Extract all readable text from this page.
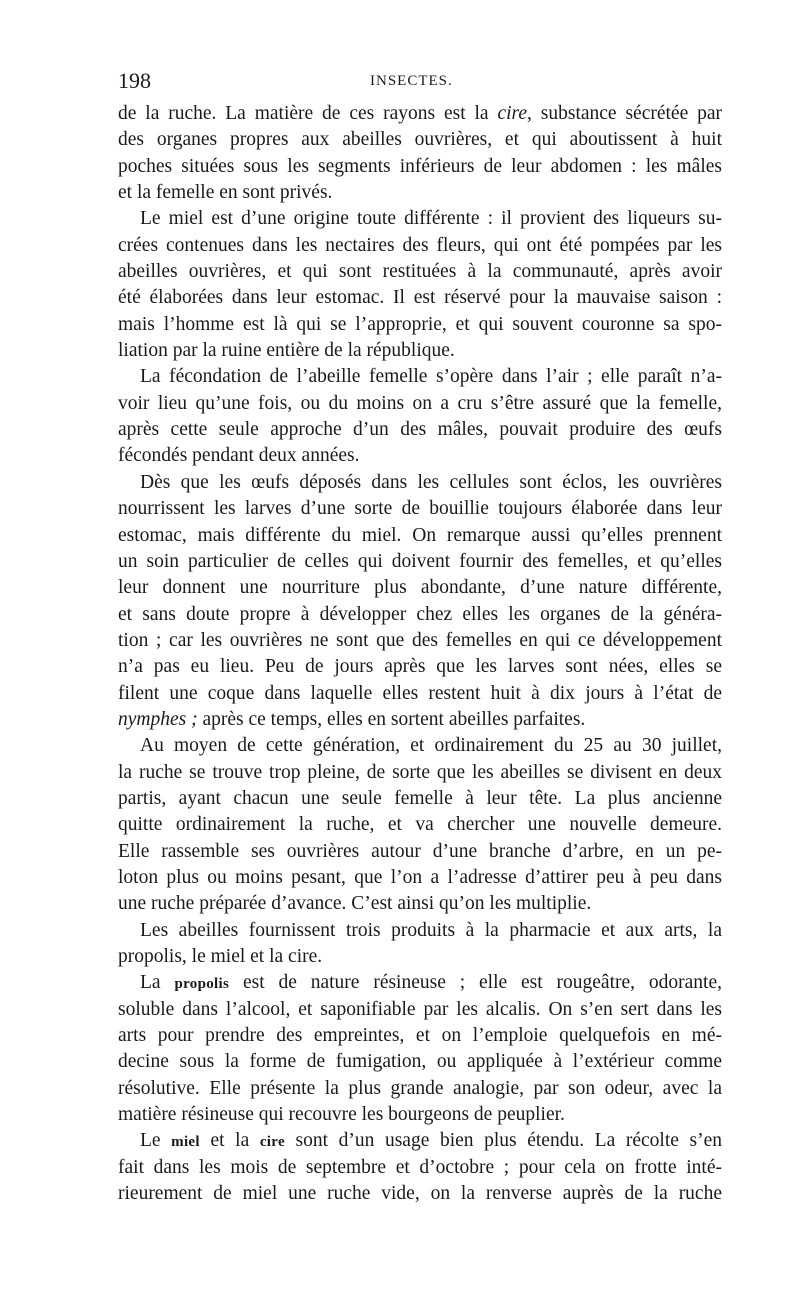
198	INSECTES.
de la ruche. La matière de ces rayons est la cire, substance sécrétée par
des organes propres aux abeilles ouvrières, et qui aboutissent à huit
poches situées sous les segments inférieurs de leur abdomen : les mâles
et la femelle en sont privés.
Le miel est d’une origine toute différente : il provient des liqueurs su-
crées contenues dans les nectaires des fleurs, qui ont été pompées par les
abeilles ouvrières, et qui sont restituées à la communauté, après avoir
été élaborées dans leur estomac. Il est réservé pour la mauvaise saison :
mais l’homme est là qui se l’approprie, et qui souvent couronne sa spo-
liation par la ruine entière de la république.
La fécondation de l’abeille femelle s’opère dans l’air ; elle paraît n’a-
voir lieu qu’une fois, ou du moins on a cru s’être assuré que la femelle,
après cette seule approche d’un des mâles, pouvait produire des œufs
fécondés pendant deux années.
Dès que les œufs déposés dans les cellules sont éclos, les ouvrières
nourrissent les larves d’une sorte de bouillie toujours élaborée dans leur
estomac, mais différente du miel. On remarque aussi qu’elles prennent
un soin particulier de celles qui doivent fournir des femelles, et qu’elles
leur donnent une nourriture plus abondante, d’une nature différente,
et sans doute propre à développer chez elles les organes de la généra-
tion ; car les ouvrières ne sont que des femelles en qui ce développement
n’a pas eu lieu. Peu de jours après que les larves sont nées, elles se
filent une coque dans laquelle elles restent huit à dix jours à l’état de
nymphes ; après ce temps, elles en sortent abeilles parfaites.
Au moyen de cette génération, et ordinairement du 25 au 30 juillet,
la ruche se trouve trop pleine, de sorte que les abeilles se divisent en deux
partis, ayant chacun une seule femelle à leur tête. La plus ancienne
quitte ordinairement la ruche, et va chercher une nouvelle demeure.
Elle rassemble ses ouvrières autour d’une branche d’arbre, en un pe-
loton plus ou moins pesant, que l’on a l’adresse d’attirer peu à peu dans
une ruche préparée d’avance. C’est ainsi qu’on les multiplie.
Les abeilles fournissent trois produits à la pharmacie et aux arts, la
propolis, le miel et la cire.
La propolis est de nature résineuse ; elle est rougeâtre, odorante,
soluble dans l’alcool, et saponifiable par les alcalis. On s’en sert dans les
arts pour prendre des empreintes, et on l’emploie quelquefois en mé-
decine sous la forme de fumigation, ou appliquée à l’extérieur comme
résolutive. Elle présente la plus grande analogie, par son odeur, avec la
matière résineuse qui recouvre les bourgeons de peuplier.
Le miel et la cire sont d’un usage bien plus étendu. La récolte s’en
fait dans les mois de septembre et d’octobre ; pour cela on frotte inté-
rieurement de miel une ruche vide, on la renverse auprès de la ruche
